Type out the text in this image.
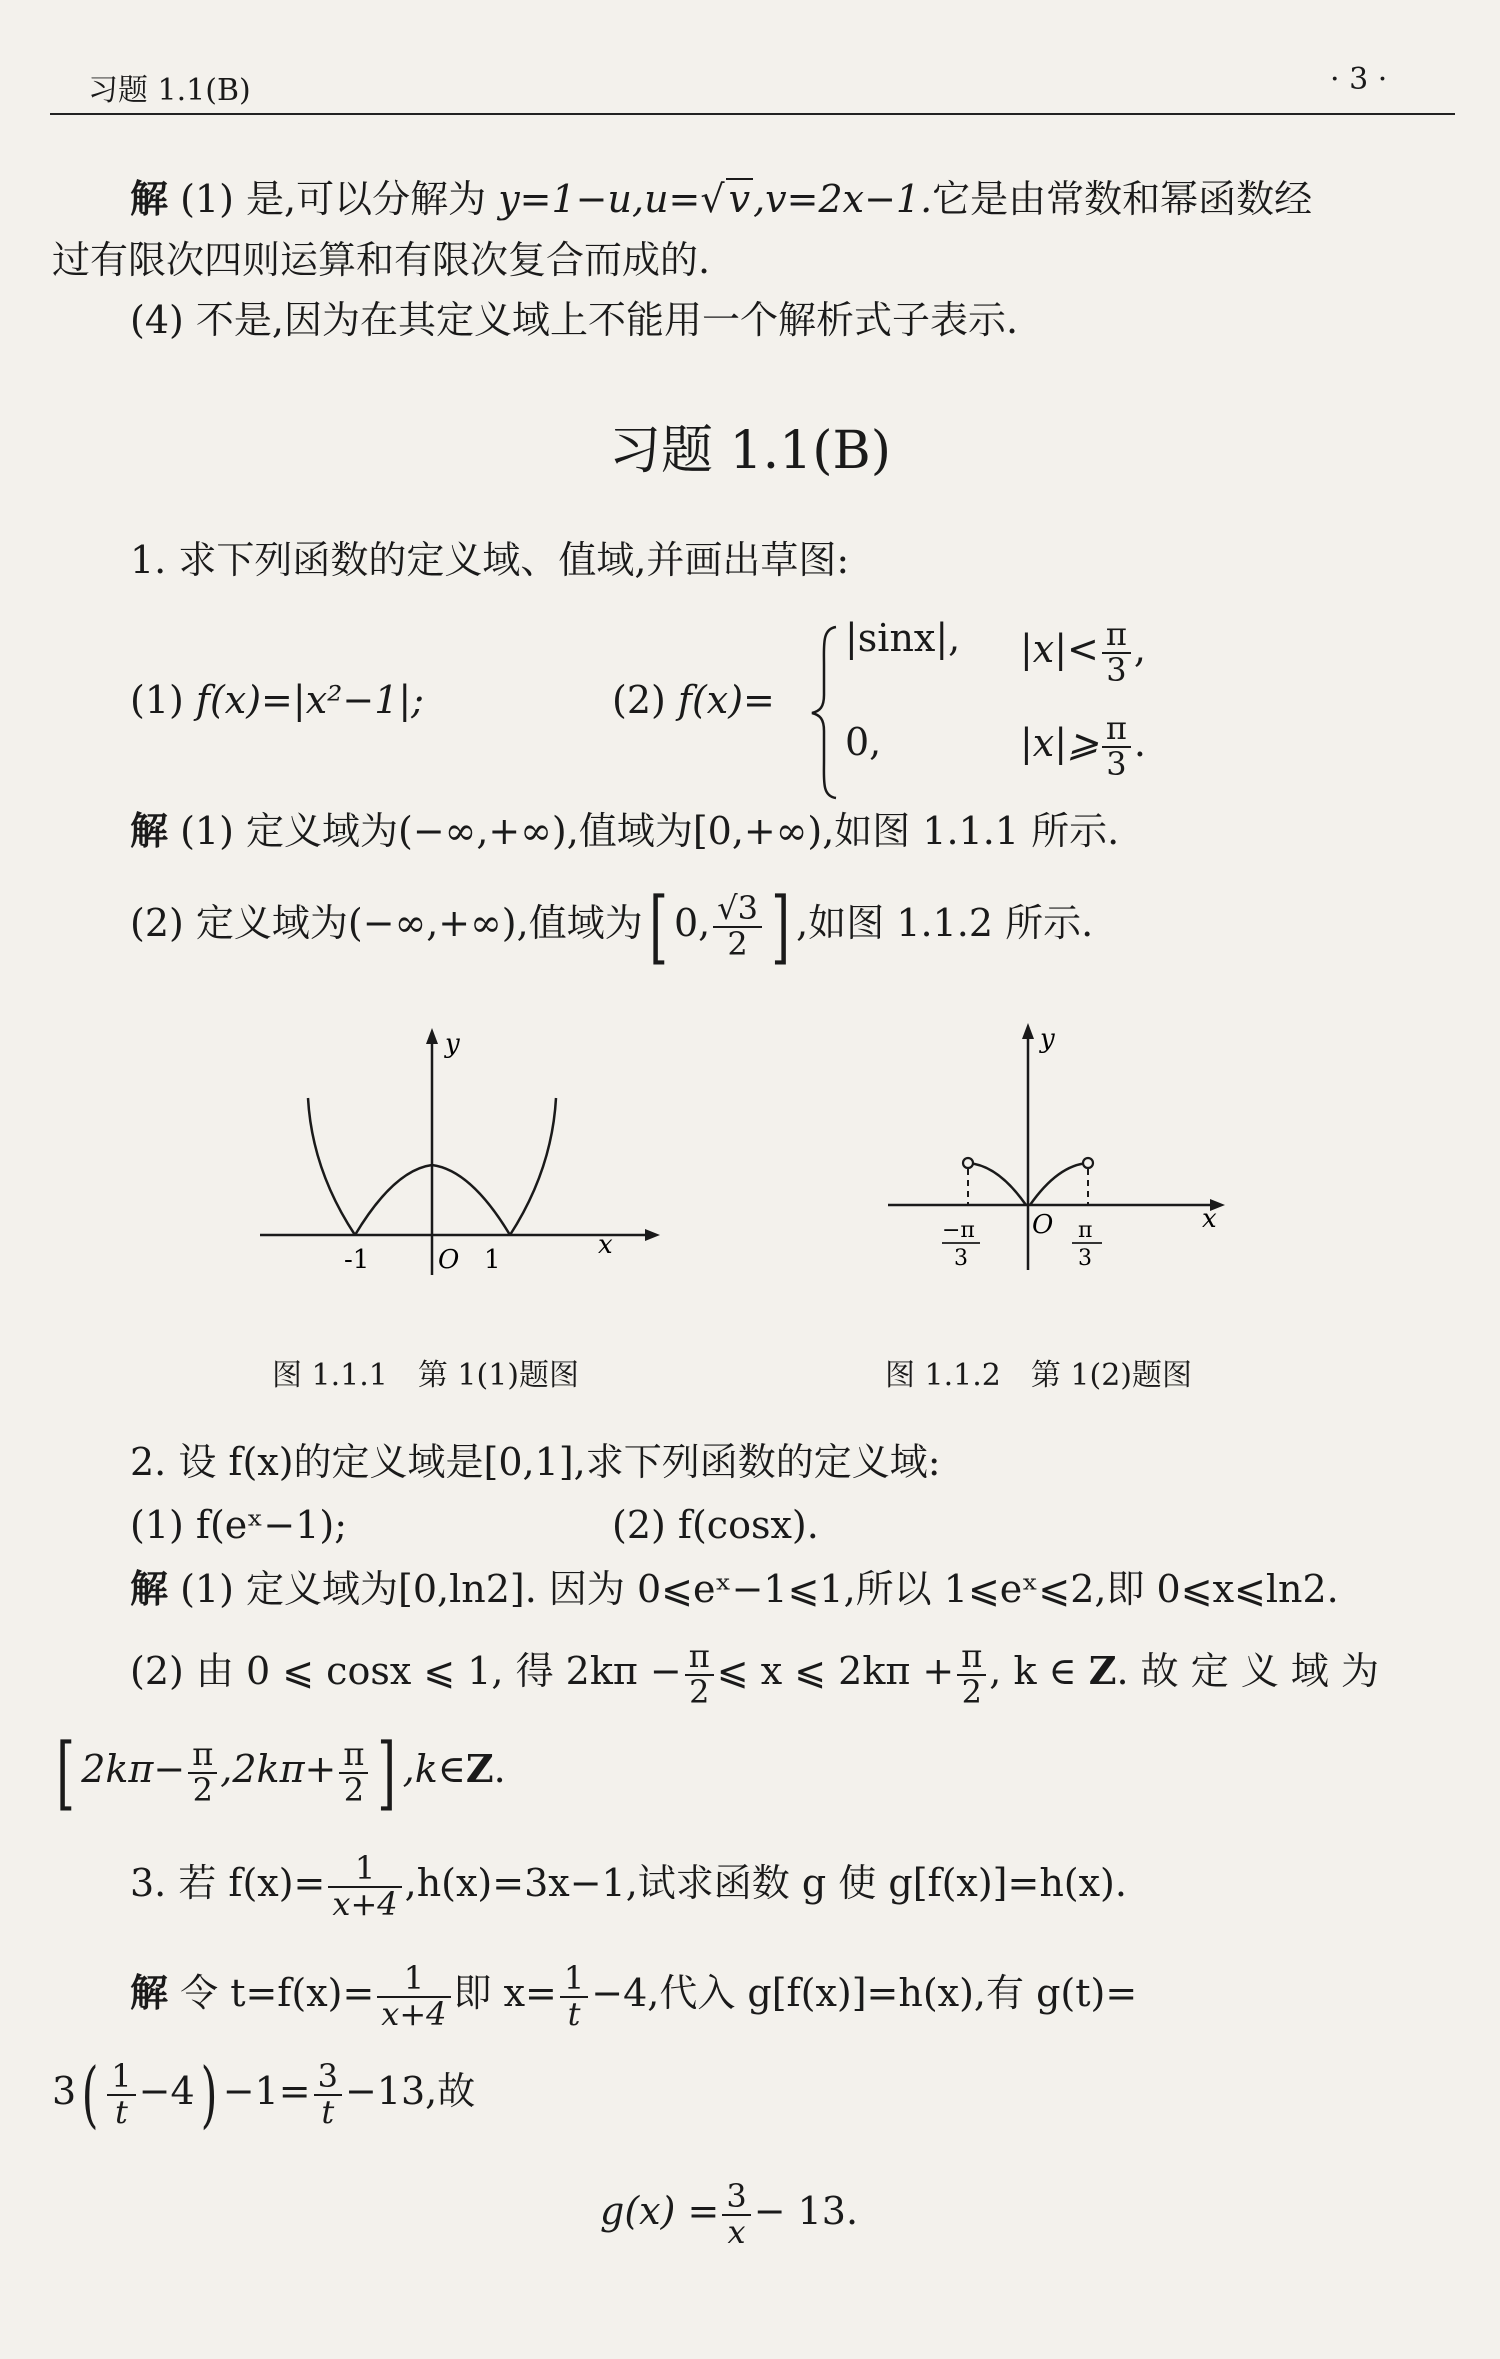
习题 1.1(B)	· 3 ·
解 (1) 是,可以分解为 y=1−u,u=√ v,v=2x−1.它是由常数和幂函数经
过有限次四则运算和有限次复合而成的.
(4) 不是,因为在其定义域上不能用一个解析式子表示.
习题 1.1(B)
1. 求下列函数的定义域、值域,并画出草图:
(1) f(x)=|x²−1|;	(2) f(x)=
|sinx|, $|x|< \frac{\pi}{3}$ ,
0,	|x|⩾ $\frac{\pi}{3}$ .
解 (1) 定义域为(−∞,+∞),值域为[0,+∞),如图 1.1.1 所示.
(2) 定义域为(−∞,+∞),值域为[ 0, $\frac{√3}{2}$ ] ,如图 1.1.2 所示.
y
x
-1	O 1
图 1.1.1　第 1(1)题图
y
x
O
−π
3
π
3
图 1.1.2　第 1(2)题图
2. 设 f(x)的定义域是[0,1],求下列函数的定义域:
(1) f(eˣ−1);	(2) f(cosx).
解 (1) 定义域为[0,ln2]. 因为 0⩽eˣ−1⩽1,所以 1⩽eˣ⩽2,即 0⩽x⩽ln2.
(2) 由 0 ⩽ cosx ⩽ 1, 得 $2k\pi - \frac{\pi}{2}$ ⩽ x ⩽ $2k\pi + \frac{\pi}{2}$ , k ∈ Z. 故 定 义 域 为
[ $2k\pi- \frac{\pi}{2} ,2k\pi+ \frac{\pi}{2}$ ] ,k∈Z.
3. 若 $f(x)= \frac{1}{x+4} ,h(x)=3x-1$,试求函数 g 使 g[f(x)]=h(x).
解 令 $t=f(x)= \frac{1}{x+4}$ 即 $x= \frac{1}{t} -4$,代入 g[f(x)]=h(x),有 g(t)=
$3( \frac{1}{t} -4) -1= \frac{3}{t} -13$,故
$g(x) = \frac{3}{x} - 13$.
